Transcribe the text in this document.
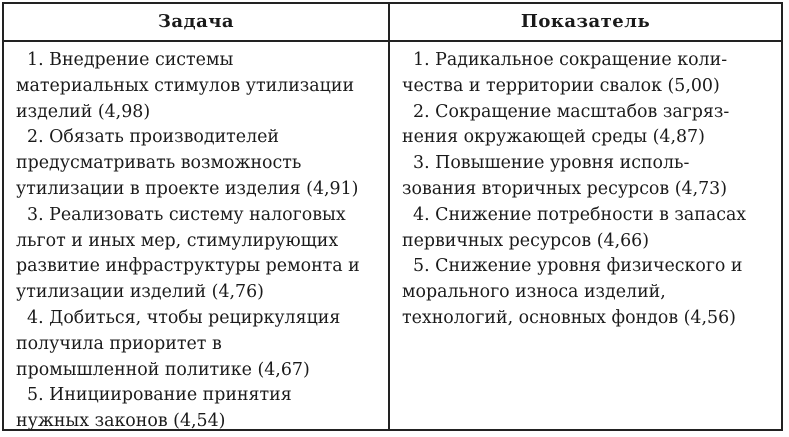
Задача	Показатель
1. Внедрение системы
материальных стимулов утилизации
изделий (4,98)
2. Обязать производителей
предусматривать возможность
утилизации в проекте изделия (4,91)
3. Реализовать систему налоговых
льгот и иных мер, стимулирующих
развитие инфраструктуры ремонта и
утилизации изделий (4,76)
4. Добиться, чтобы рециркуляция
получила приоритет в
промышленной политике (4,67)
5. Инициирование принятия
нужных законов (4,54)
1. Радикальное сокращение коли-
чества и территории свалок (5,00)
2. Сокращение масштабов загряз-
нения окружающей среды (4,87)
3. Повышение уровня исполь-
зования вторичных ресурсов (4,73)
4. Снижение потребности в запасах
первичных ресурсов (4,66)
5. Снижение уровня физического и
морального износа изделий,
технологий, основных фондов (4,56)
